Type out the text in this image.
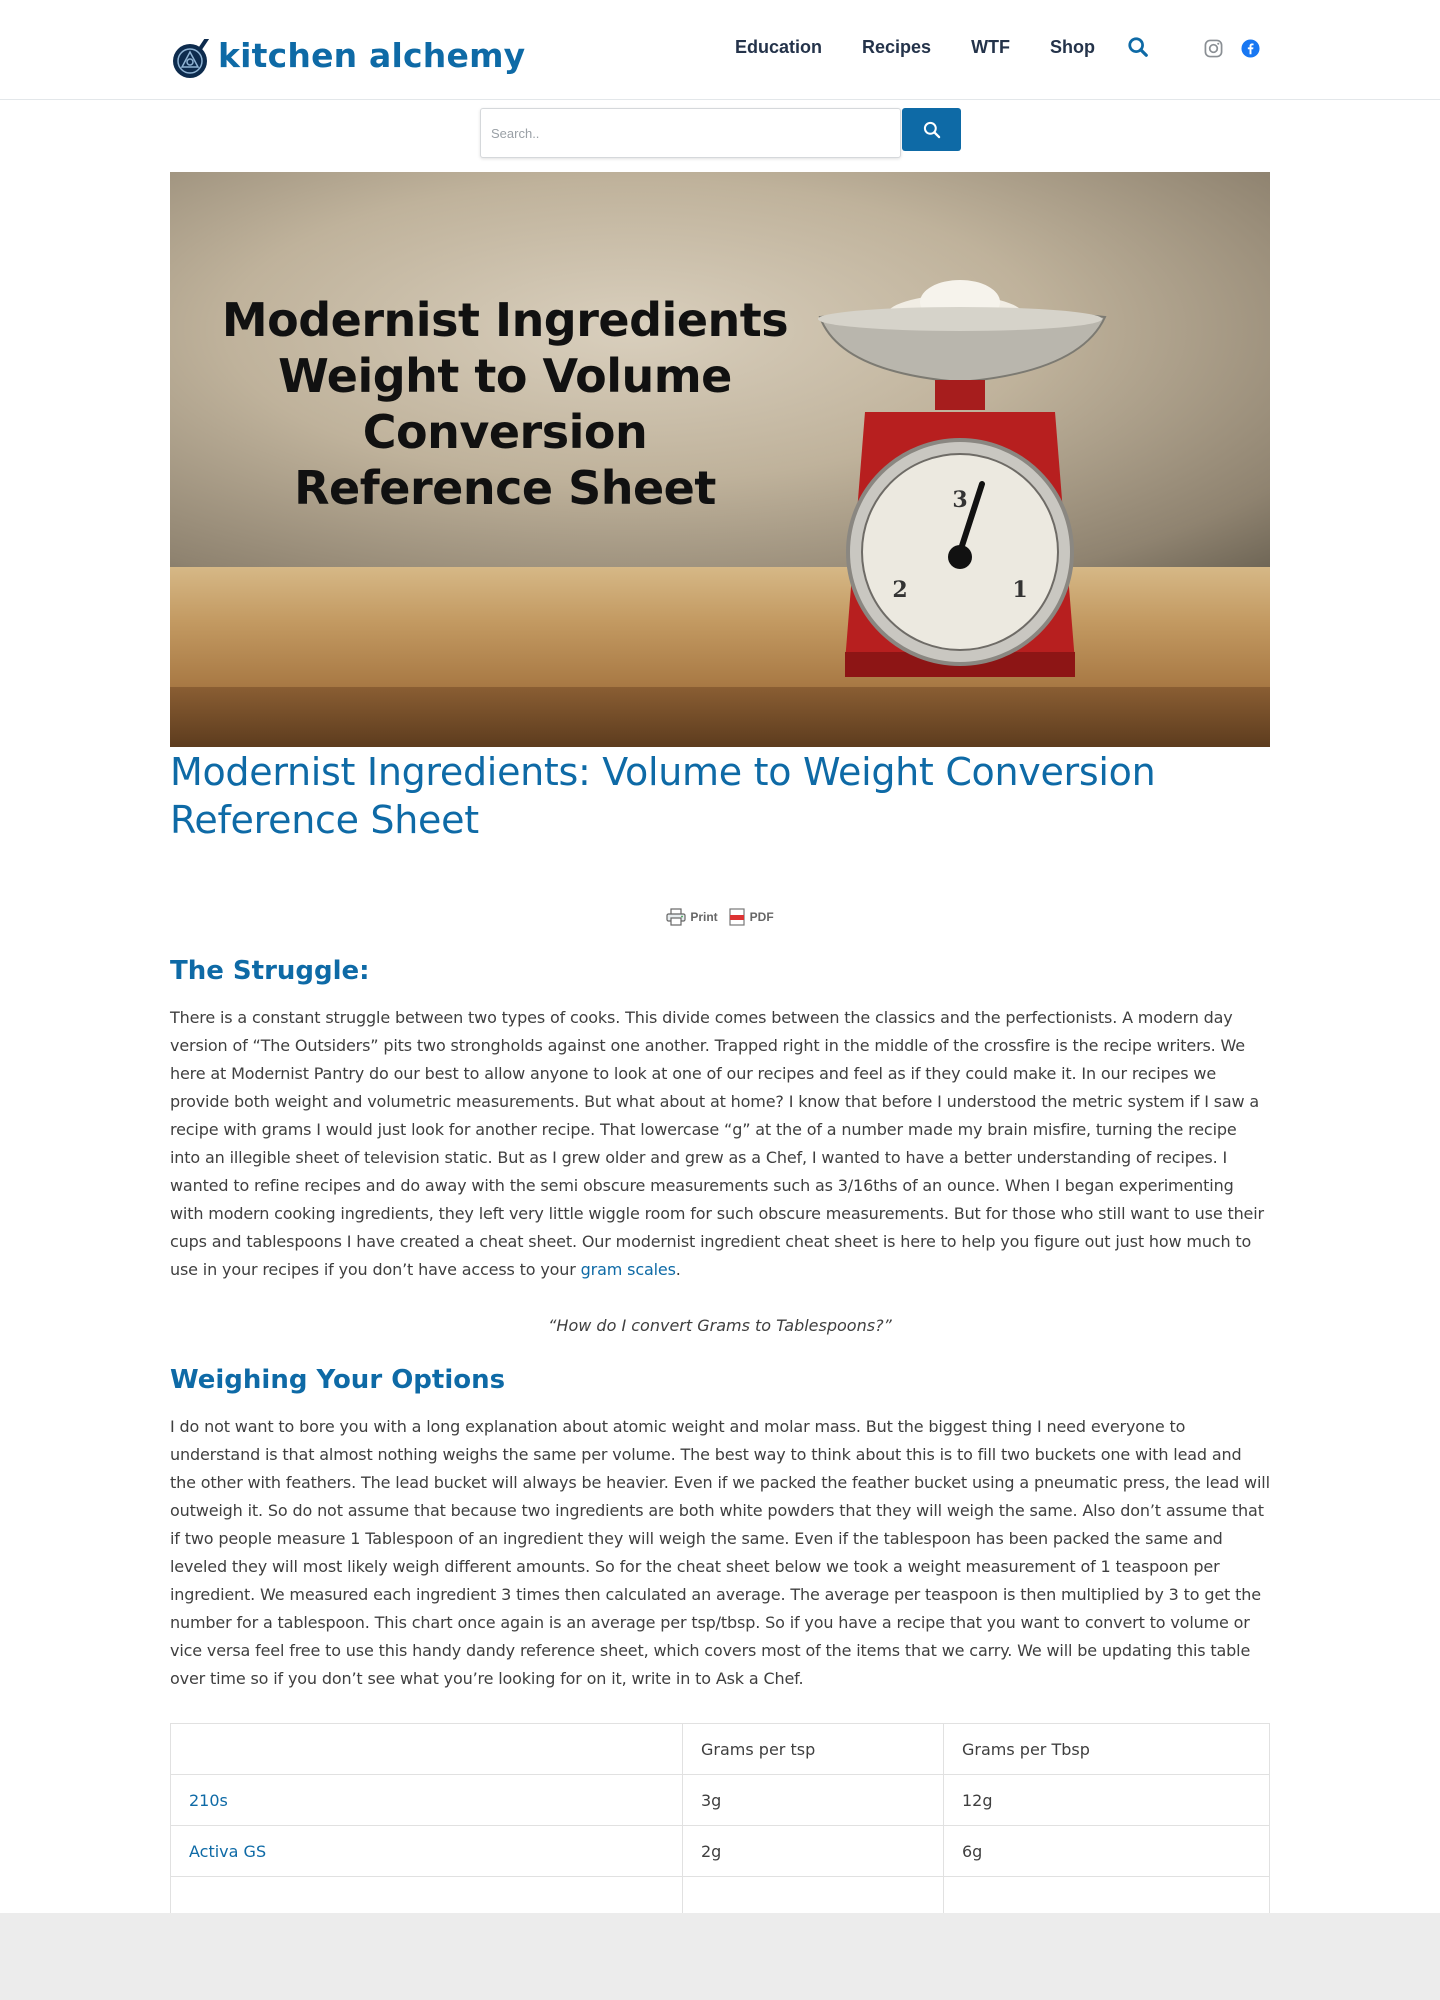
kitchen alchemy	Education Recipes WTF Shop
Search..
Modernist Ingredients
Weight to Volume
Conversion
Reference Sheet	3
2	1
Modernist Ingredients: Volume to Weight Conversion Reference Sheet
Print	PDF
The Struggle:

There is a constant struggle between two types of cooks. This divide comes between the classics and the perfectionists. A modern day version of “The Outsiders” pits two strongholds against one another. Trapped right in the middle of the crossfire is the recipe writers. We here at Modernist Pantry do our best to allow anyone to look at one of our recipes and feel as if they could make it. In our recipes we provide both weight and volumetric measurements. But what about at home? I know that before I understood the metric system if I saw a recipe with grams I would just look for another recipe. That lowercase “g” at the of a number made my brain misfire, turning the recipe into an illegible sheet of television static. But as I grew older and grew as a Chef, I wanted to have a better understanding of recipes. I wanted to refine recipes and do away with the semi obscure measurements such as 3/16ths of an ounce. When I began experimenting with modern cooking ingredients, they left very little wiggle room for such obscure measurements. But for those who still want to use their cups and tablespoons I have created a cheat sheet. Our modernist ingredient cheat sheet is here to help you figure out just how much to use in your recipes if you don’t have access to your gram scales.

“How do I convert Grams to Tablespoons?”

Weighing Your Options

I do not want to bore you with a long explanation about atomic weight and molar mass. But the biggest thing I need everyone to understand is that almost nothing weighs the same per volume. The best way to think about this is to fill two buckets one with lead and the other with feathers. The lead bucket will always be heavier. Even if we packed the feather bucket using a pneumatic press, the lead will outweigh it. So do not assume that because two ingredients are both white powders that they will weigh the same. Also don’t assume that if two people measure 1 Tablespoon of an ingredient they will weigh the same. Even if the tablespoon has been packed the same and leveled they will most likely weigh different amounts. So for the cheat sheet below we took a weight measurement of 1 teaspoon per ingredient. We measured each ingredient 3 times then calculated an average. The average per teaspoon is then multiplied by 3 to get the number for a tablespoon. This chart once again is an average per tsp/tbsp. So if you have a recipe that you want to convert to volume or vice versa feel free to use this handy dandy reference sheet, which covers most of the items that we carry. We will be updating this table over time so if you don’t see what you’re looking for on it, write in to Ask a Chef.

	Grams per tsp	Grams per Tbsp
210s	3g	12g
Activa GS	2g	6g
